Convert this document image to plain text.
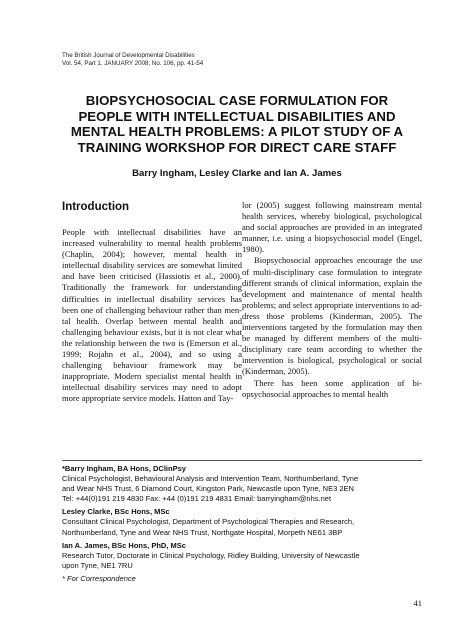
The British Journal of Developmental Disabilities
Vol. 54, Part 1, JANUARY 2008, No. 106, pp. 41-54
BIOPSYCHOSOCIAL CASE FORMULATION FOR
PEOPLE WITH INTELLECTUAL DISABILITIES AND
MENTAL HEALTH PROBLEMS: A PILOT STUDY OF A
TRAINING WORKSHOP FOR DIRECT CARE STAFF
Barry Ingham, Lesley Clarke and Ian A. James
Introduction

People with intellectual disabilities have an increased vulnerability to mental health problems (Chaplin, 2004); however, mental health in intellectual disability services are somewhat limited and have been criticised (Hassiotis et al., 2000). Traditionally the framework for understanding difficulties in intellectual disability services has been one of challenging behaviour rather than mental health. Overlap between mental health and challenging behaviour exists, but it is not clear what the relationship between the two is (Emerson et al., 1999; Rojahn et al., 2004), and so using a challenging behaviour framework may be inappropriate. Modern specialist mental health in intellectual disability services may need to adopt more appropriate service models. Hatton and Tay-

lor (2005) suggest following mainstream mental health services, whereby biological, psychological and social approaches are provided in an integrated manner, i.e. using a biopsychosocial model (Engel, 1980).

Biopsychosocial approaches encourage the use of multi-disciplinary case formulation to integrate different strands of clinical information, explain the development and maintenance of mental health problems; and select appropriate interventions to address those problems (Kinderman, 2005). The interventions targeted by the formulation may then be managed by different members of the multi-disciplinary care team according to whether the intervention is biological, psychological or social (Kinderman, 2005).

There has been some application of biopsychosocial approaches to mental health

*Barry Ingham, BA Hons, DClinPsy
Clinical Psychologist, Behavioural Analysis and Intervention Team, Northumberland, Tyne
and Wear NHS Trust, 6 Diamond Court, Kingston Park, Newcastle upon Tyne, NE3 2EN
Tel: +44(0)191 219 4830 Fax: +44 (0)191 219 4831 Email: barryingham@nhs.net
Lesley Clarke, BSc Hons, MSc
Consultant Clinical Psychologist, Department of Psychological Therapies and Research,
Northumberland, Tyne and Wear NHS Trust, Northgate Hospital, Morpeth NE61 3BP
Ian A. James, BSc Hons, PhD, MSc
Research Tutor, Doctorate in Clinical Psychology, Ridley Building, University of Newcastle
upon Tyne, NE1 7RU
* For Correspondence
41
